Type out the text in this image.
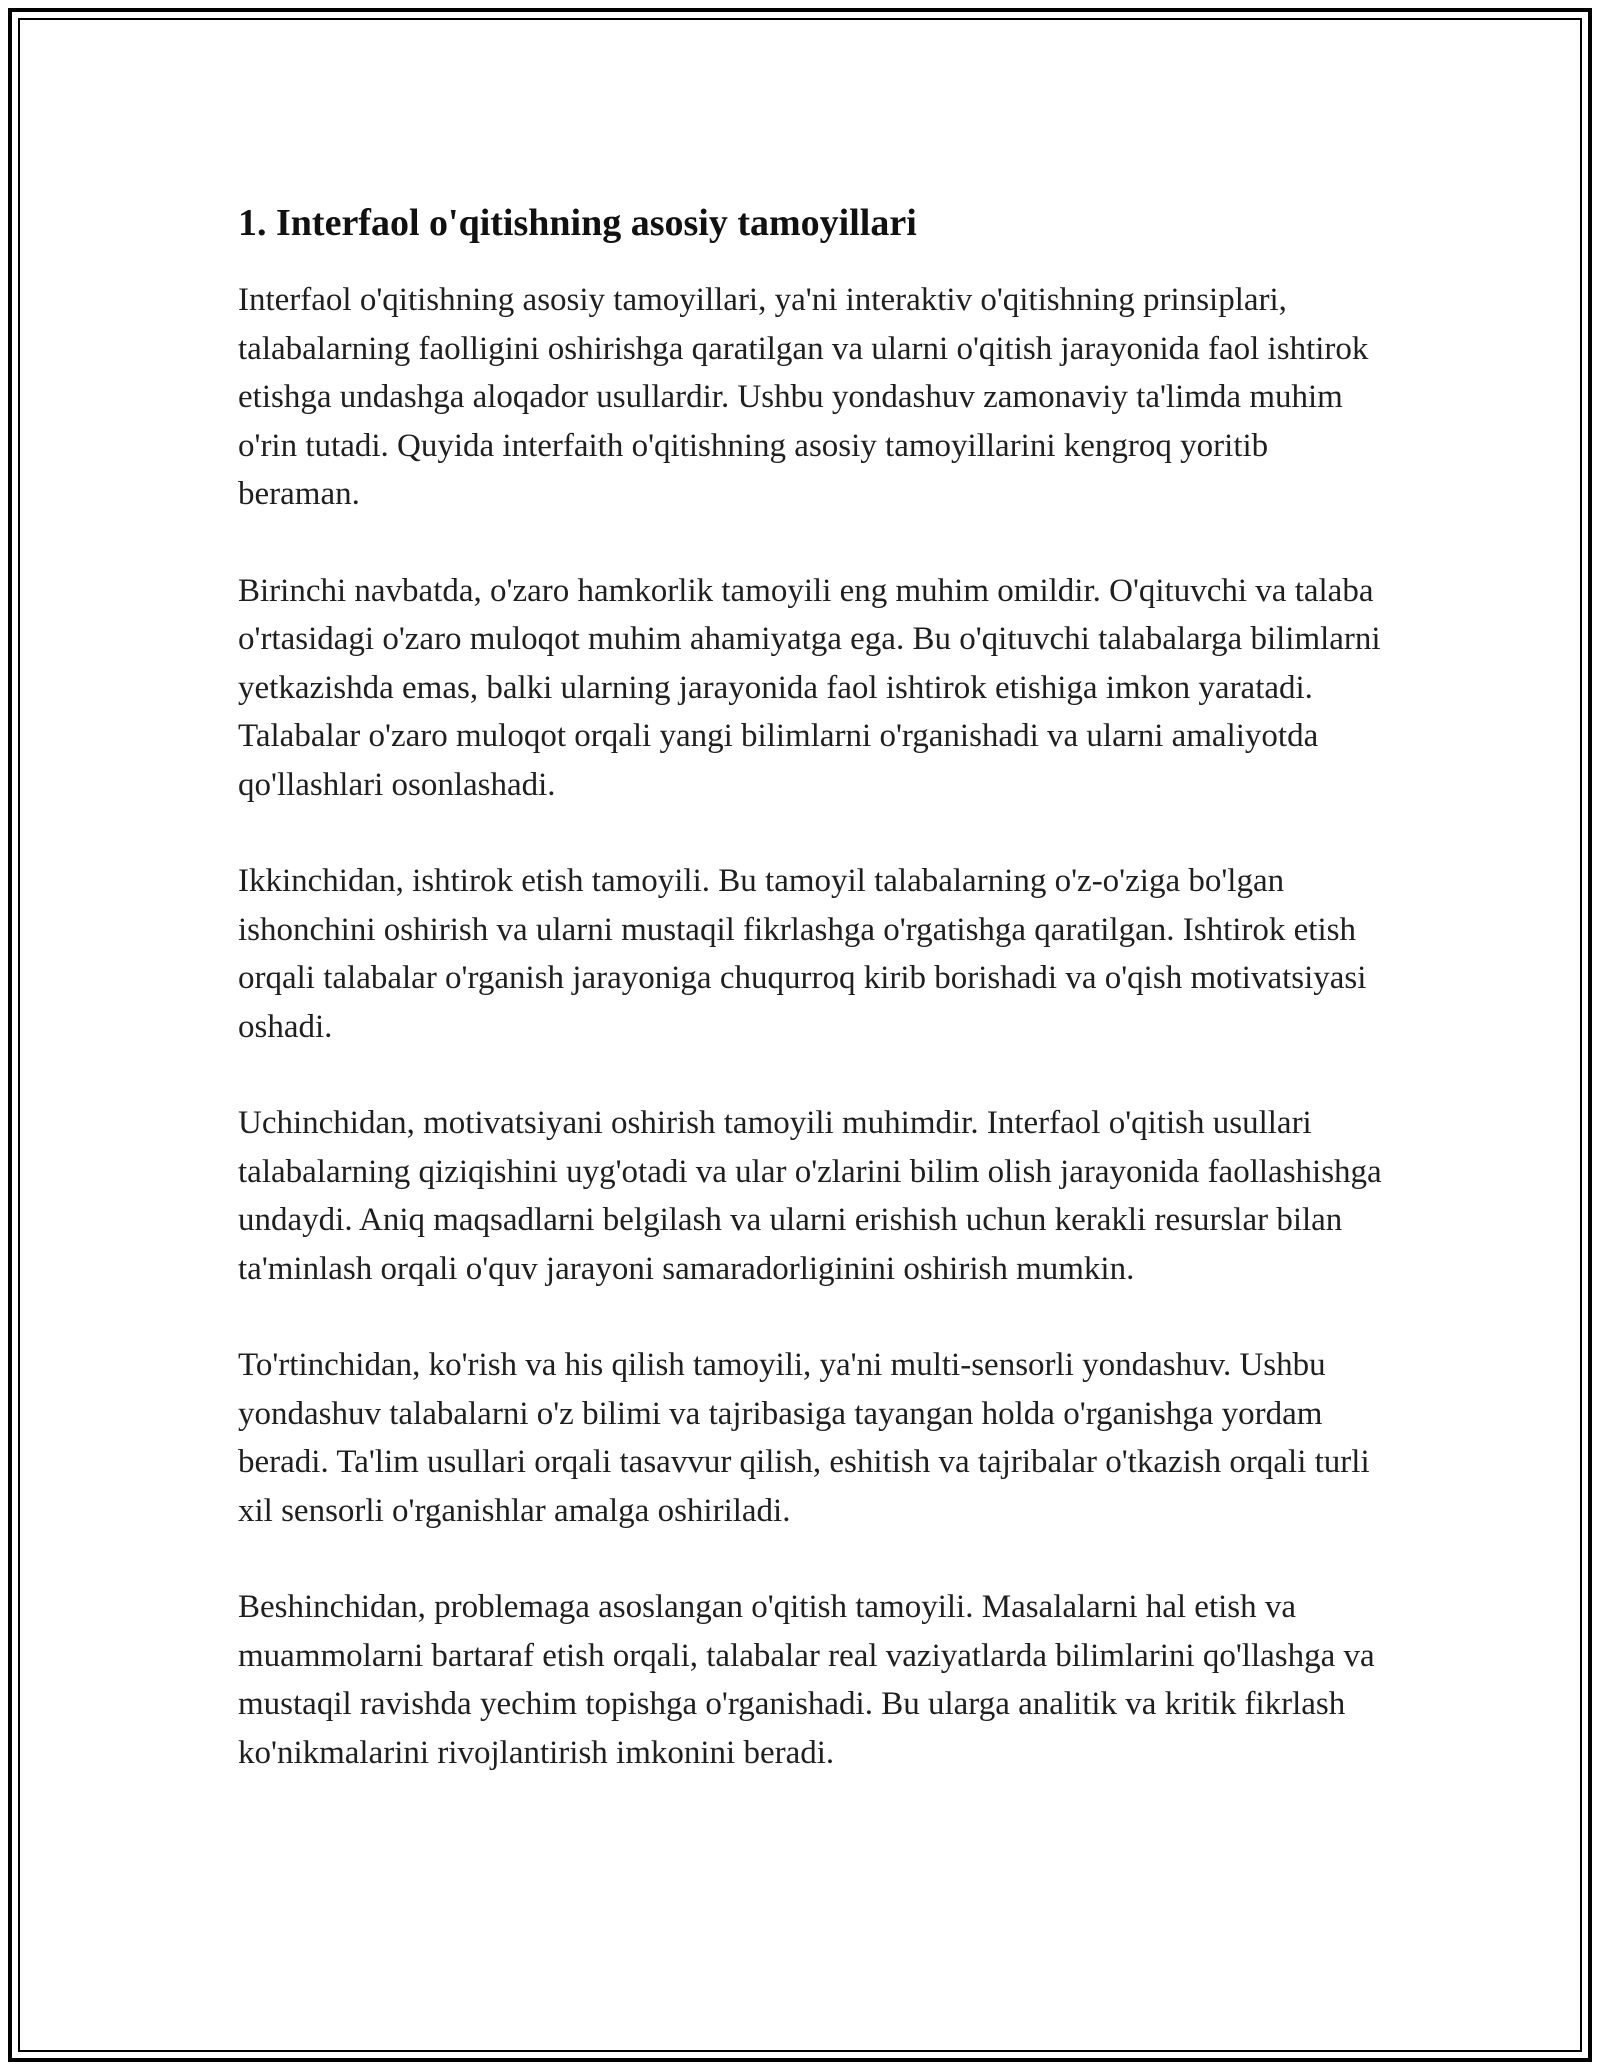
1. Interfaol o'qitishning asosiy tamoyillari

Interfaol o'qitishning asosiy tamoyillari, ya'ni interaktiv o'qitishning prinsiplari, talabalarning faolligini oshirishga qaratilgan va ularni o'qitish jarayonida faol ishtirok etishga undashga aloqador usullardir. Ushbu yondashuv zamonaviy ta'limda muhim o'rin tutadi. Quyida interfaith o'qitishning asosiy tamoyillarini kengroq yoritib beraman.

Birinchi navbatda, o'zaro hamkorlik tamoyili eng muhim omildir. O'qituvchi va talaba o'rtasidagi o'zaro muloqot muhim ahamiyatga ega. Bu o'qituvchi talabalarga bilimlarni yetkazishda emas, balki ularning jarayonida faol ishtirok etishiga imkon yaratadi. Talabalar o'zaro muloqot orqali yangi bilimlarni o'rganishadi va ularni amaliyotda qo'llashlari osonlashadi.

Ikkinchidan, ishtirok etish tamoyili. Bu tamoyil talabalarning o'z-o'ziga bo'lgan ishonchini oshirish va ularni mustaqil fikrlashga o'rgatishga qaratilgan. Ishtirok etish orqali talabalar o'rganish jarayoniga chuqurroq kirib borishadi va o'qish motivatsiyasi oshadi.

Uchinchidan, motivatsiyani oshirish tamoyili muhimdir. Interfaol o'qitish usullari talabalarning qiziqishini uyg'otadi va ular o'zlarini bilim olish jarayonida faollashishga undaydi. Aniq maqsadlarni belgilash va ularni erishish uchun kerakli resurslar bilan ta'minlash orqali o'quv jarayoni samaradorliginini oshirish mumkin.

To'rtinchidan, ko'rish va his qilish tamoyili, ya'ni multi-sensorli yondashuv. Ushbu yondashuv talabalarni o'z bilimi va tajribasiga tayangan holda o'rganishga yordam beradi. Ta'lim usullari orqali tasavvur qilish, eshitish va tajribalar o'tkazish orqali turli xil sensorli o'rganishlar amalga oshiriladi.

Beshinchidan, problemaga asoslangan o'qitish tamoyili. Masalalarni hal etish va muammolarni bartaraf etish orqali, talabalar real vaziyatlarda bilimlarini qo'llashga va mustaqil ravishda yechim topishga o'rganishadi. Bu ularga analitik va kritik fikrlash ko'nikmalarini rivojlantirish imkonini beradi.
